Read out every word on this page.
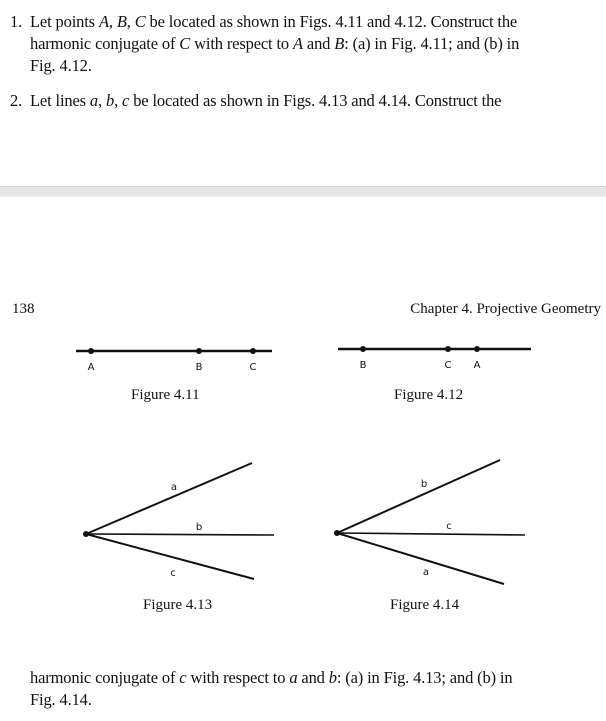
1. Let points A, B, C be located as shown in Figs. 4.11 and 4.12. Construct the
harmonic conjugate of C with respect to A and B: (a) in Fig. 4.11; and (b) in
Fig. 4.12.
2. Let lines a, b, c be located as shown in Figs. 4.13 and 4.14. Construct the
138	Chapter 4. Projective Geometry
A	B	C
Figure 4.11
B	C A
Figure 4.12
a
b
c
Figure 4.13
b
c
a
Figure 4.14
harmonic conjugate of c with respect to a and b: (a) in Fig. 4.13; and (b) in
Fig. 4.14.
